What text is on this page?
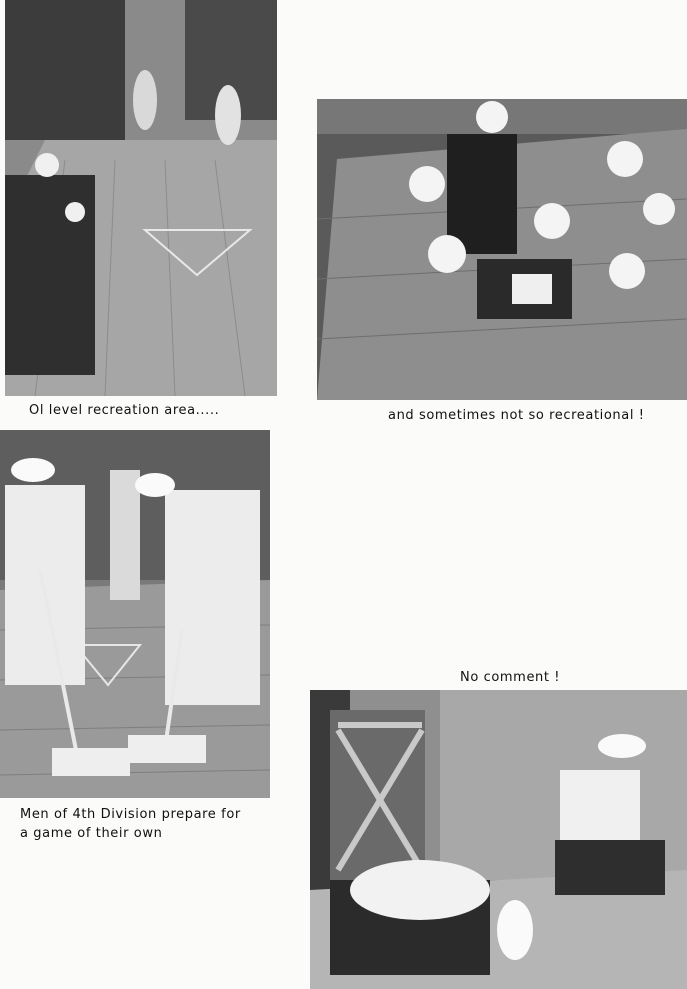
Ol level recreation area.....	and sometimes not so recreational !
Men of 4th Division prepare for
a game of their own
No comment !
